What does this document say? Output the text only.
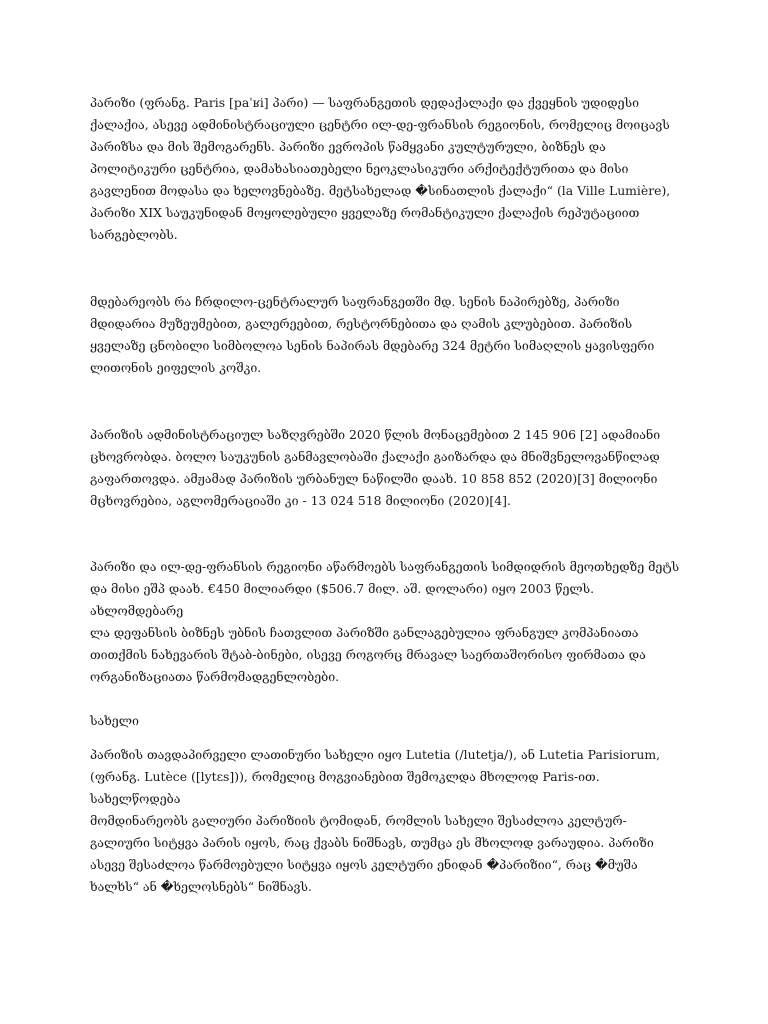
პარიზი (ფრანგ. Paris [paˈʁi] პარი) — საფრანგეთის დედაქალაქი და ქვეყნის უდიდესი
ქალაქია, ასევე ადმინისტრაციული ცენტრი ილ-დე-ფრანსის რეგიონის, რომელიც მოიცავს
პარიზსა და მის შემოგარენს. პარიზი ევროპის წამყვანი კულტურული, ბიზნეს და
პოლიტიკური ცენტრია, დამახასიათებელი ნეოკლასიკური არქიტექტურითა და მისი
გავლენით მოდასა და ხელოვნებაზე. მეტსახელად �სინათლის ქალაქი“ (la Ville Lumière),
პარიზი XIX საუკუნიდან მოყოლებული ყველაზე რომანტიკული ქალაქის რეპუტაციით
სარგებლობს.

მდებარეობს რა ჩრდილო-ცენტრალურ საფრანგეთში მდ. სენის ნაპირებზე, პარიზი
მდიდარია მუზეუმებით, გალერეებით, რესტორნებითა და ღამის კლუბებით. პარიზის
ყველაზე ცნობილი სიმბოლოა სენის ნაპირას მდებარე 324 მეტრი სიმაღლის ყავისფერი
ლითონის ეიფელის კოშკი.

პარიზის ადმინისტრაციულ საზღვრებში 2020 წლის მონაცემებით 2 145 906 [2] ადამიანი
ცხოვრობდა. ბოლო საუკუნის განმავლობაში ქალაქი გაიზარდა და მნიშვნელოვანწილად
გაფართოვდა. ამჟამად პარიზის ურბანულ ნაწილში დაახ. 10 858 852 (2020)[3] მილიონი
მცხოვრებია, აგლომერაციაში კი - 13 024 518 მილიონი (2020)[4].

პარიზი და ილ-დე-ფრანსის რეგიონი აწარმოებს საფრანგეთის სიმდიდრის მეოთხედზე მეტს
და მისი ეშპ დაახ. €450 მილიარდი ($506.7 მილ. აშ. დოლარი) იყო 2003 წელს. ახლომდებარე
ლა დეფანსის ბიზნეს უბნის ჩათვლით პარიზში განლაგებულია ფრანგულ კომპანიათა
თითქმის ნახევარის შტაბ-ბინები, ისევე როგორც მრავალ საერთაშორისო ფირმათა და
ორგანიზაციათა წარმომადგენლობები.

სახელი

პარიზის თავდაპირველი ლათინური სახელი იყო Lutetia (/lutetja/), ან Lutetia Parisiorum,
(ფრანგ. Lutèce ([lytɛs])), რომელიც მოგვიანებით შემოკლდა მხოლოდ Paris-ით. სახელწოდება
მომდინარეობს გალიური პარიზიის ტომიდან, რომლის სახელი შესაძლოა კელტურ-
გალიური სიტყვა პარის იყოს, რაც ქვაბს ნიშნავს, თუმცა ეს მხოლოდ ვარაუდია. პარიზი
ასევე შესაძლოა წარმოებული სიტყვა იყოს კელტური ენიდან �პარიზიი“, რაც �მუშა
ხალხს“ ან �ხელოსნებს“ ნიშნავს.
